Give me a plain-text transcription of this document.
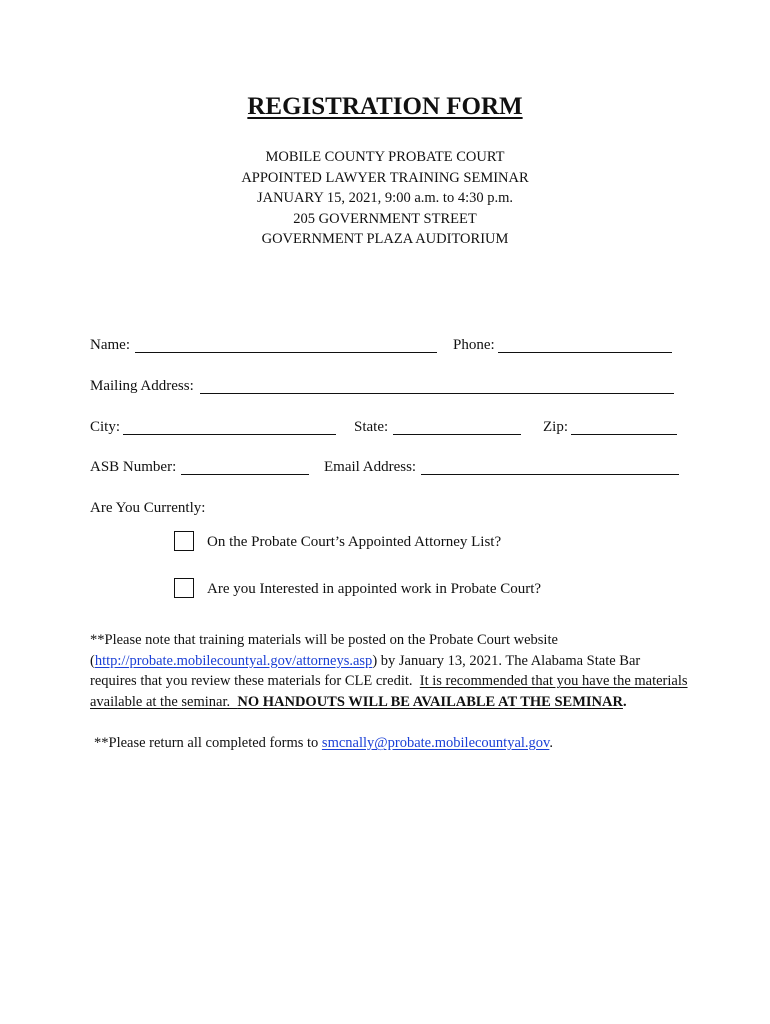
REGISTRATION FORM
MOBILE COUNTY PROBATE COURT
APPOINTED LAWYER TRAINING SEMINAR
JANUARY 15, 2021, 9:00 a.m. to 4:30 p.m.
205 GOVERNMENT STREET
GOVERNMENT PLAZA AUDITORIUM
Name:	Phone:
Mailing Address:
City:	State:	Zip:
ASB Number:	Email Address:
Are You Currently:
On the Probate Court’s Appointed Attorney List?
Are you Interested in appointed work in Probate Court?
**Please note that training materials will be posted on the Probate Court website
(http://probate.mobilecountyal.gov/attorneys.asp) by January 13, 2021. The Alabama State Bar
requires that you review these materials for CLE credit.  It is recommended that you have the materials
available at the seminar.  NO HANDOUTS WILL BE AVAILABLE AT THE SEMINAR.
**Please return all completed forms to smcnally@probate.mobilecountyal.gov.
